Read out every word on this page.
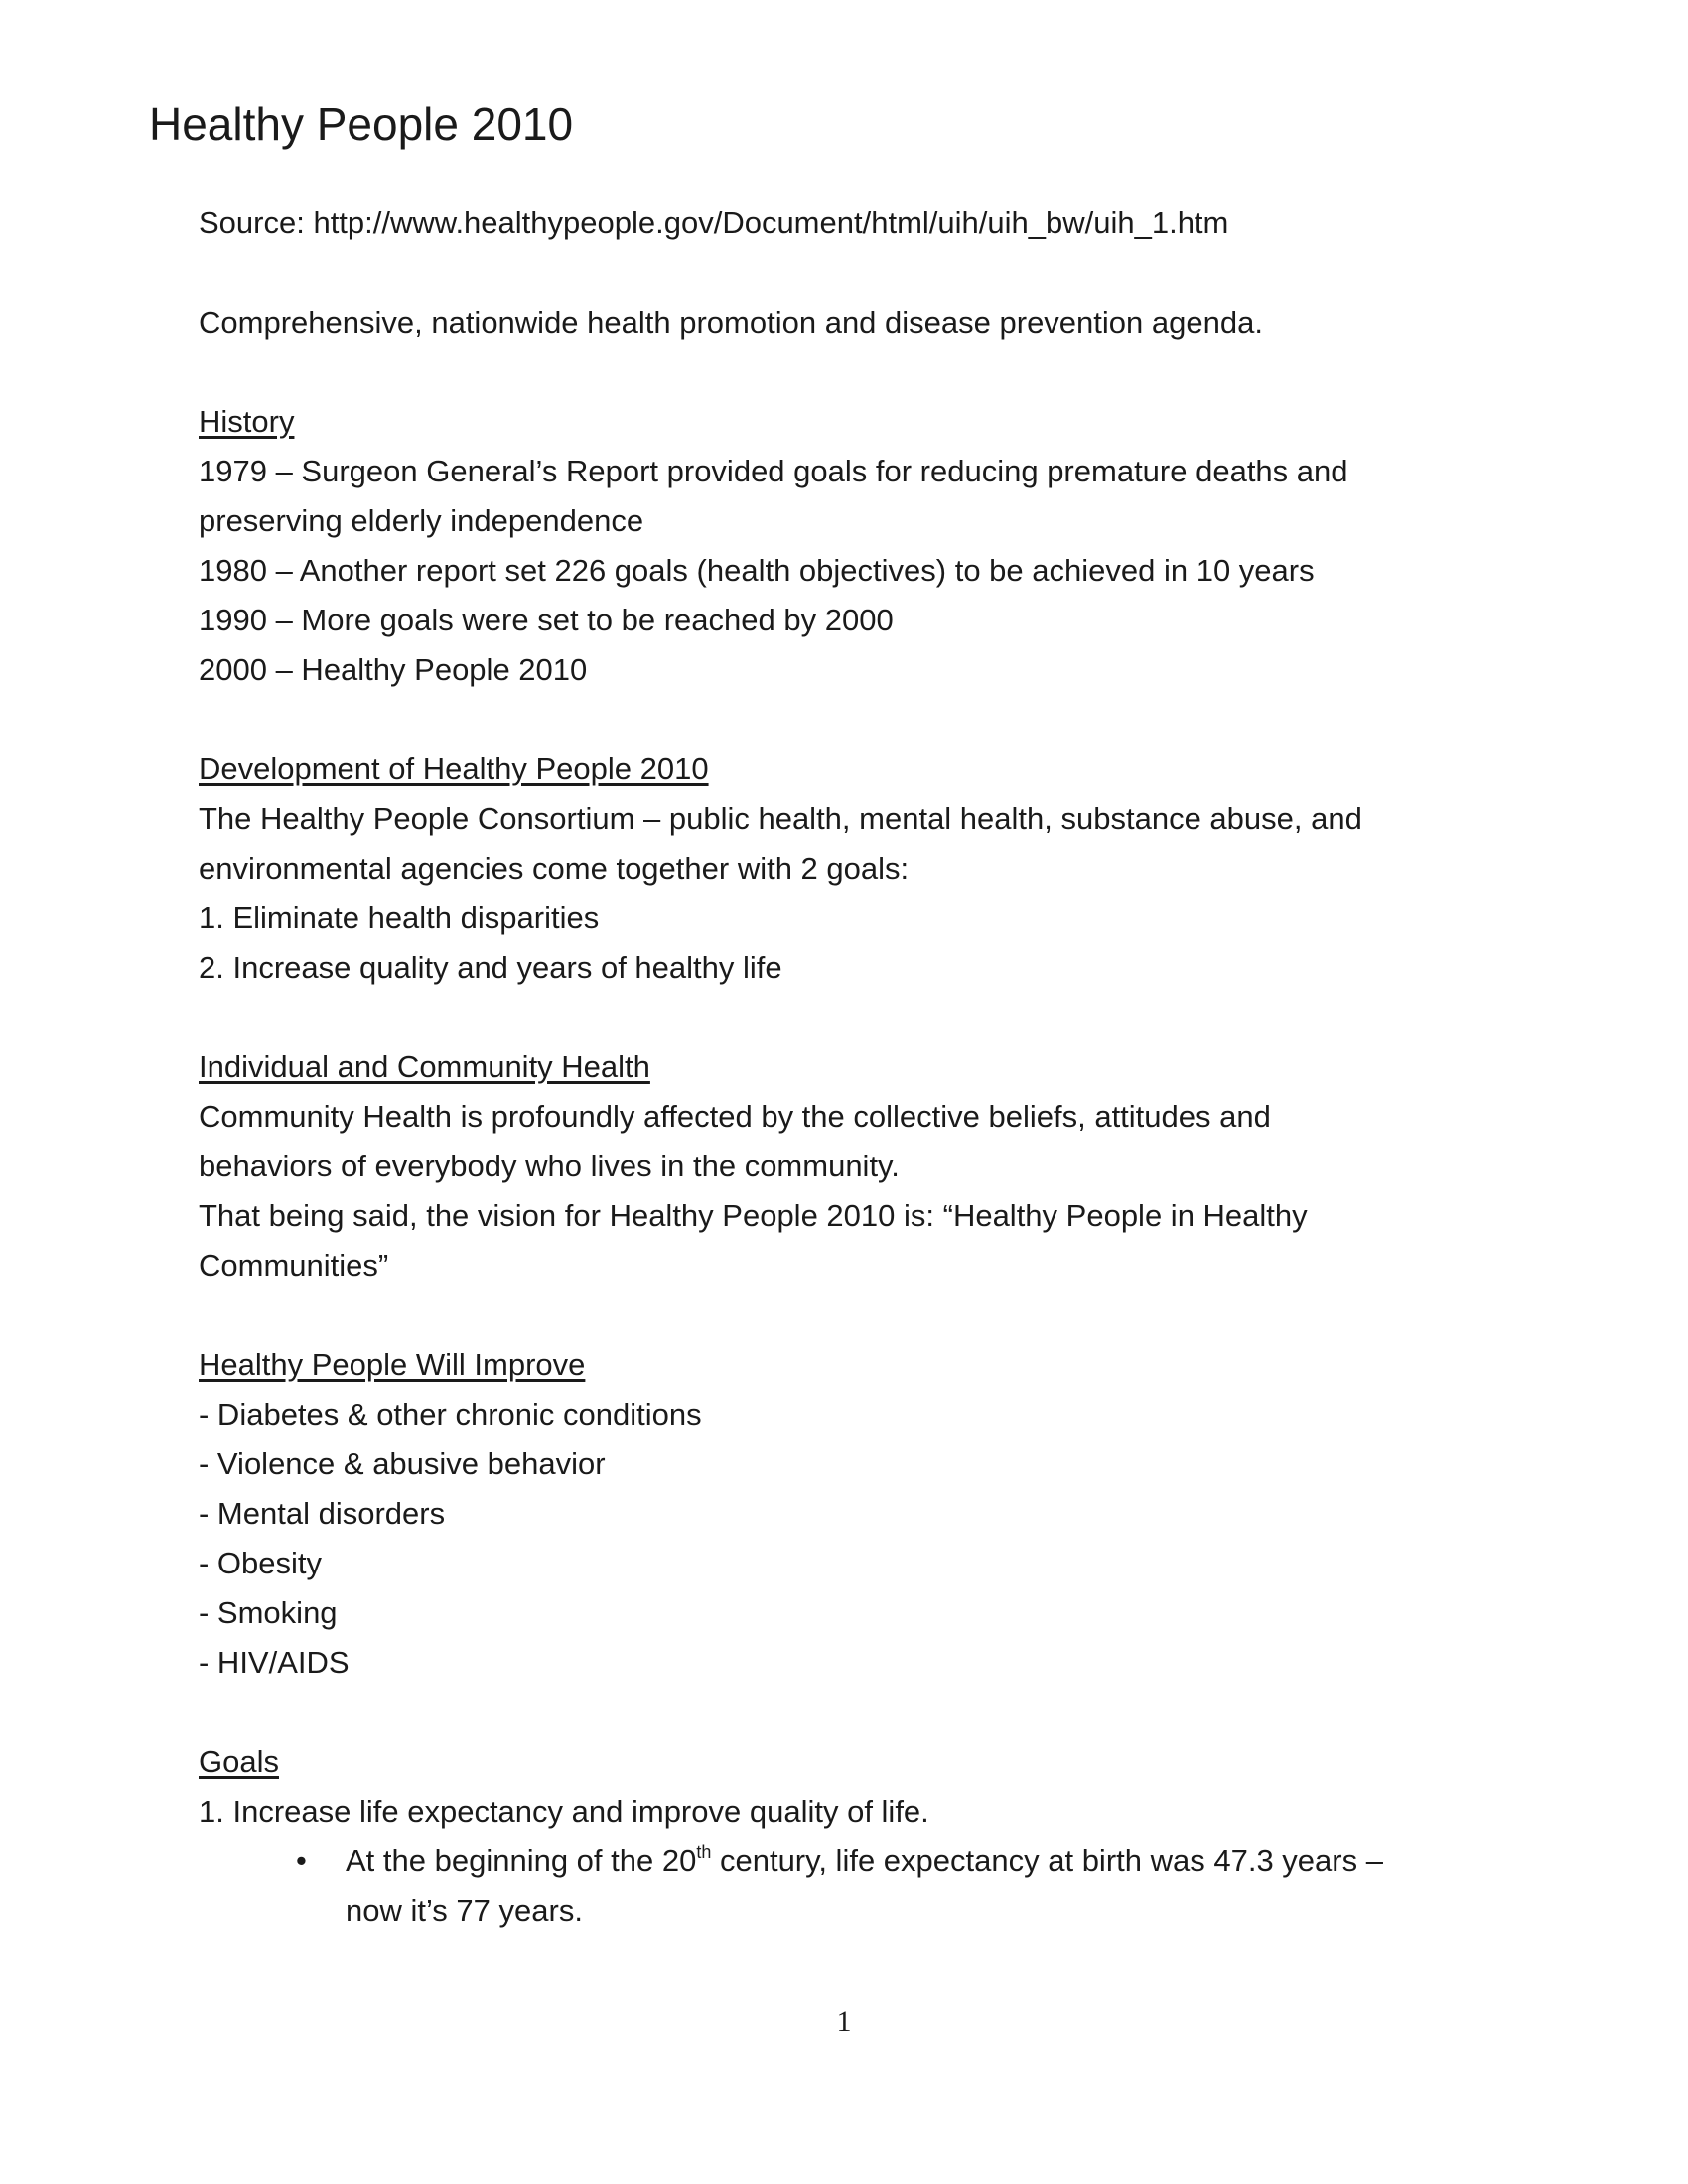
Healthy People 2010

Source: http://www.healthypeople.gov/Document/html/uih/uih_bw/uih_1.htm

Comprehensive, nationwide health promotion and disease prevention agenda.

History

1979 – Surgeon General’s Report provided goals for reducing premature deaths and

preserving elderly independence

1980 – Another report set 226 goals (health objectives) to be achieved in 10 years

1990 – More goals were set to be reached by 2000

2000 – Healthy People 2010

Development of Healthy People 2010

The Healthy People Consortium – public health, mental health, substance abuse, and

environmental agencies come together with 2 goals:

1. Eliminate health disparities

2. Increase quality and years of healthy life

Individual and Community Health

Community Health is profoundly affected by the collective beliefs, attitudes and

behaviors of everybody who lives in the community.

That being said, the vision for Healthy People 2010 is: “Healthy People in Healthy

Communities”

Healthy People Will Improve

- Diabetes & other chronic conditions

- Violence & abusive behavior

- Mental disorders

- Obesity

- Smoking

- HIV/AIDS

Goals

1. Increase life expectancy and improve quality of life.

• At the beginning of the 20th century, life expectancy at birth was 47.3 years –
now it’s 77 years.
1
